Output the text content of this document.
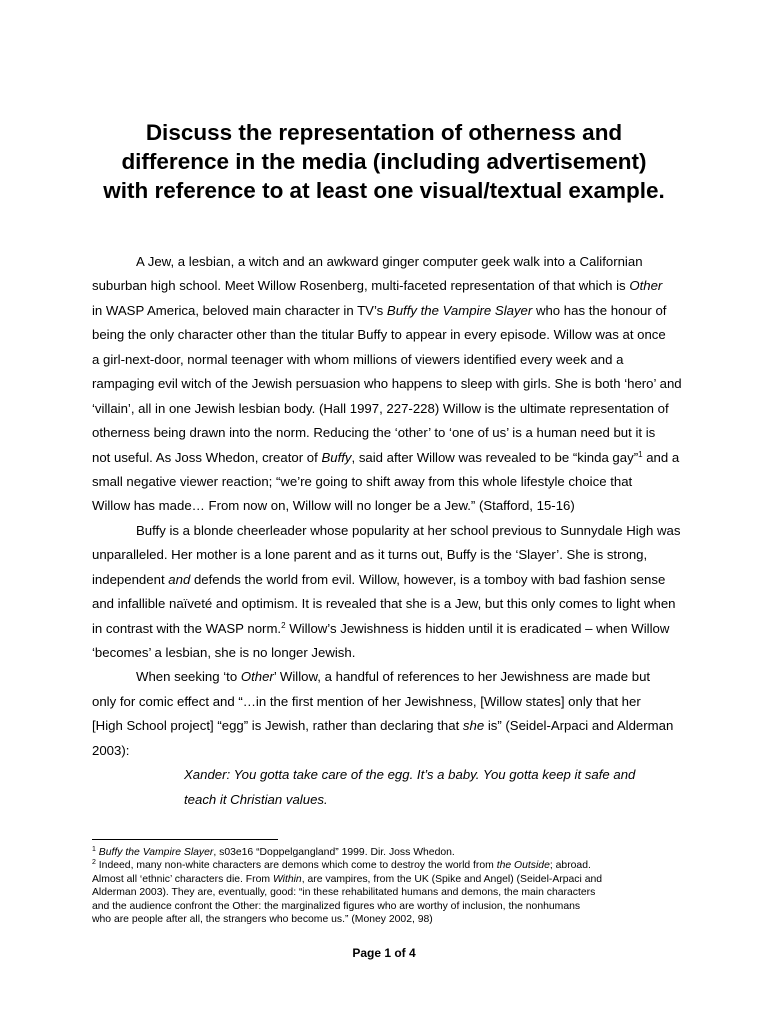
Discuss the representation of otherness and
difference in the media (including advertisement)
with reference to at least one visual/textual example.

A Jew, a lesbian, a witch and an awkward ginger computer geek walk into a Californian
suburban high school. Meet Willow Rosenberg, multi-faceted representation of that which is Other
in WASP America, beloved main character in TV’s Buffy the Vampire Slayer who has the honour of
being the only character other than the titular Buffy to appear in every episode. Willow was at once
a girl-next-door, normal teenager with whom millions of viewers identified every week and a
rampaging evil witch of the Jewish persuasion who happens to sleep with girls. She is both ‘hero’ and
‘villain’, all in one Jewish lesbian body. (Hall 1997, 227-228) Willow is the ultimate representation of
otherness being drawn into the norm. Reducing the ‘other’ to ‘one of us’ is a human need but it is
not useful. As Joss Whedon, creator of Buffy, said after Willow was revealed to be “kinda gay”$^1$ and a
small negative viewer reaction; “we’re going to shift away from this whole lifestyle choice that
Willow has made… From now on, Willow will no longer be a Jew.” (Stafford, 15-16)

Buffy is a blonde cheerleader whose popularity at her school previous to Sunnydale High was
unparalleled. Her mother is a lone parent and as it turns out, Buffy is the ‘Slayer’. She is strong,
independent and defends the world from evil. Willow, however, is a tomboy with bad fashion sense
and infallible naïveté and optimism. It is revealed that she is a Jew, but this only comes to light when
in contrast with the WASP norm.$^2$ Willow’s Jewishness is hidden until it is eradicated – when Willow
‘becomes’ a lesbian, she is no longer Jewish.

When seeking ‘to Other’ Willow, a handful of references to her Jewishness are made but
only for comic effect and “…in the first mention of her Jewishness, [Willow states] only that her
[High School project] “egg” is Jewish, rather than declaring that she is” (Seidel-Arpaci and Alderman
2003):

Xander: You gotta take care of the egg. It’s a baby. You gotta keep it safe and
teach it Christian values.

$^1$ Buffy the Vampire Slayer, s03e16 “Doppelgangland” 1999. Dir. Joss Whedon.
$^2$ Indeed, many non-white characters are demons which come to destroy the world from the Outside; abroad.
Almost all ‘ethnic’ characters die. From Within, are vampires, from the UK (Spike and Angel) (Seidel-Arpaci and
Alderman 2003). They are, eventually, good: “in these rehabilitated humans and demons, the main characters
and the audience confront the Other: the marginalized figures who are worthy of inclusion, the nonhumans
who are people after all, the strangers who become us.” (Money 2002, 98)
Page 1 of 4
